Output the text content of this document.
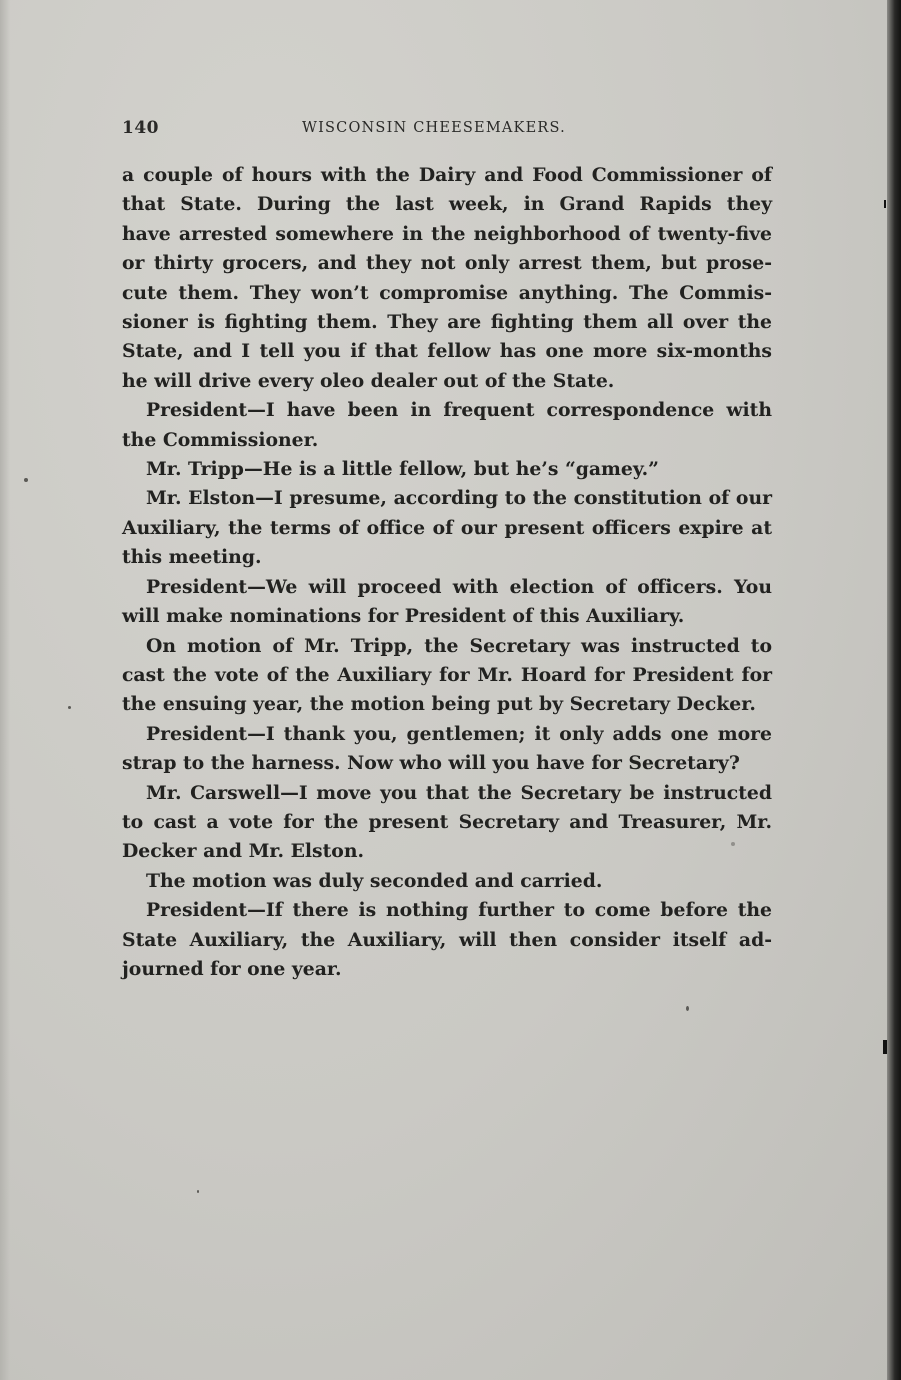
140	WISCONSIN CHEESEMAKERS.
a couple of hours with the Dairy and Food Commissioner of
that State. During the last week, in Grand Rapids they
have arrested somewhere in the neighborhood of twenty-five
or thirty grocers, and they not only arrest them, but prose-
cute them. They won’t compromise anything. The Commis-
sioner is fighting them. They are fighting them all over the
State, and I tell you if that fellow has one more six-months
he will drive every oleo dealer out of the State.
President—I have been in frequent correspondence with
the Commissioner.
Mr. Tripp—He is a little fellow, but he’s “gamey.”
Mr. Elston—I presume, according to the constitution of our
Auxiliary, the terms of office of our present officers expire at
this meeting.
President—We will proceed with election of officers. You
will make nominations for President of this Auxiliary.
On motion of Mr. Tripp, the Secretary was instructed to
cast the vote of the Auxiliary for Mr. Hoard for President for
the ensuing year, the motion being put by Secretary Decker.
President—I thank you, gentlemen; it only adds one more
strap to the harness. Now who will you have for Secretary?
Mr. Carswell—I move you that the Secretary be instructed
to cast a vote for the present Secretary and Treasurer, Mr.
Decker and Mr. Elston.
The motion was duly seconded and carried.
President—If there is nothing further to come before the
State Auxiliary, the Auxiliary, will then consider itself ad-
journed for one year.
